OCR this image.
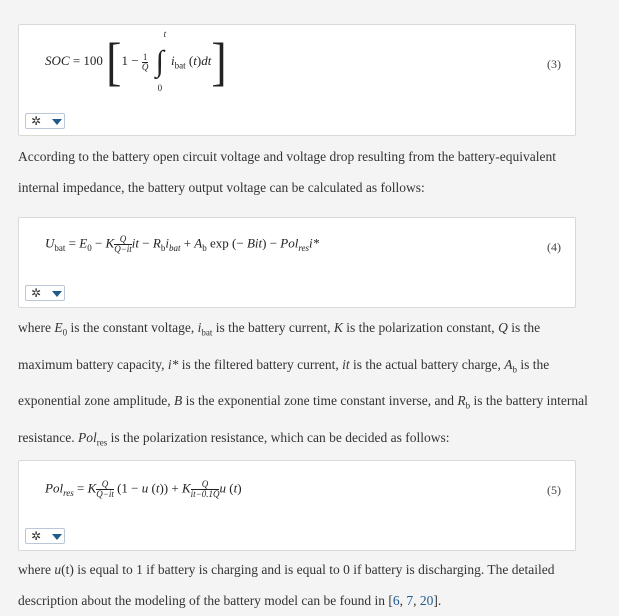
SOC = 100 [$1 - \frac{1}{Q}$ ∫
t
0
$i_{bat}$ (t)dt]	(3)
✲

According to the battery open circuit voltage and voltage drop resulting from the battery-equivalent internal impedance, the battery output voltage can be calculated as follows:

$U_{bat} = E_0 - K \frac{Q}{Q-it}$ it − $R_bi_{bat} + A_b$ exp (− Bit) − Pol$_{res}$i*	(4)
✲

where $E_0$ is the constant voltage, $i_{bat}$ is the battery current, K is the polarization constant, Q is the maximum battery capacity, i* is the filtered battery current, it is the actual battery charge, $A_b$ is the exponential zone amplitude, B is the exponential zone time constant inverse, and $R_b$ is the battery internal resistance. Pol$_{res}$ is the polarization resistance, which can be decided as follows:

Pol$_{res}$ = K $\frac{Q}{Q-it} (1 - u$ (t)) + K $\frac{Q}{it-0.1Q}$ u (t)	(5)
✲

where u(t) is equal to 1 if battery is charging and is equal to 0 if battery is discharging. The detailed description about the modeling of the battery model can be found in [6, 7, 20].
